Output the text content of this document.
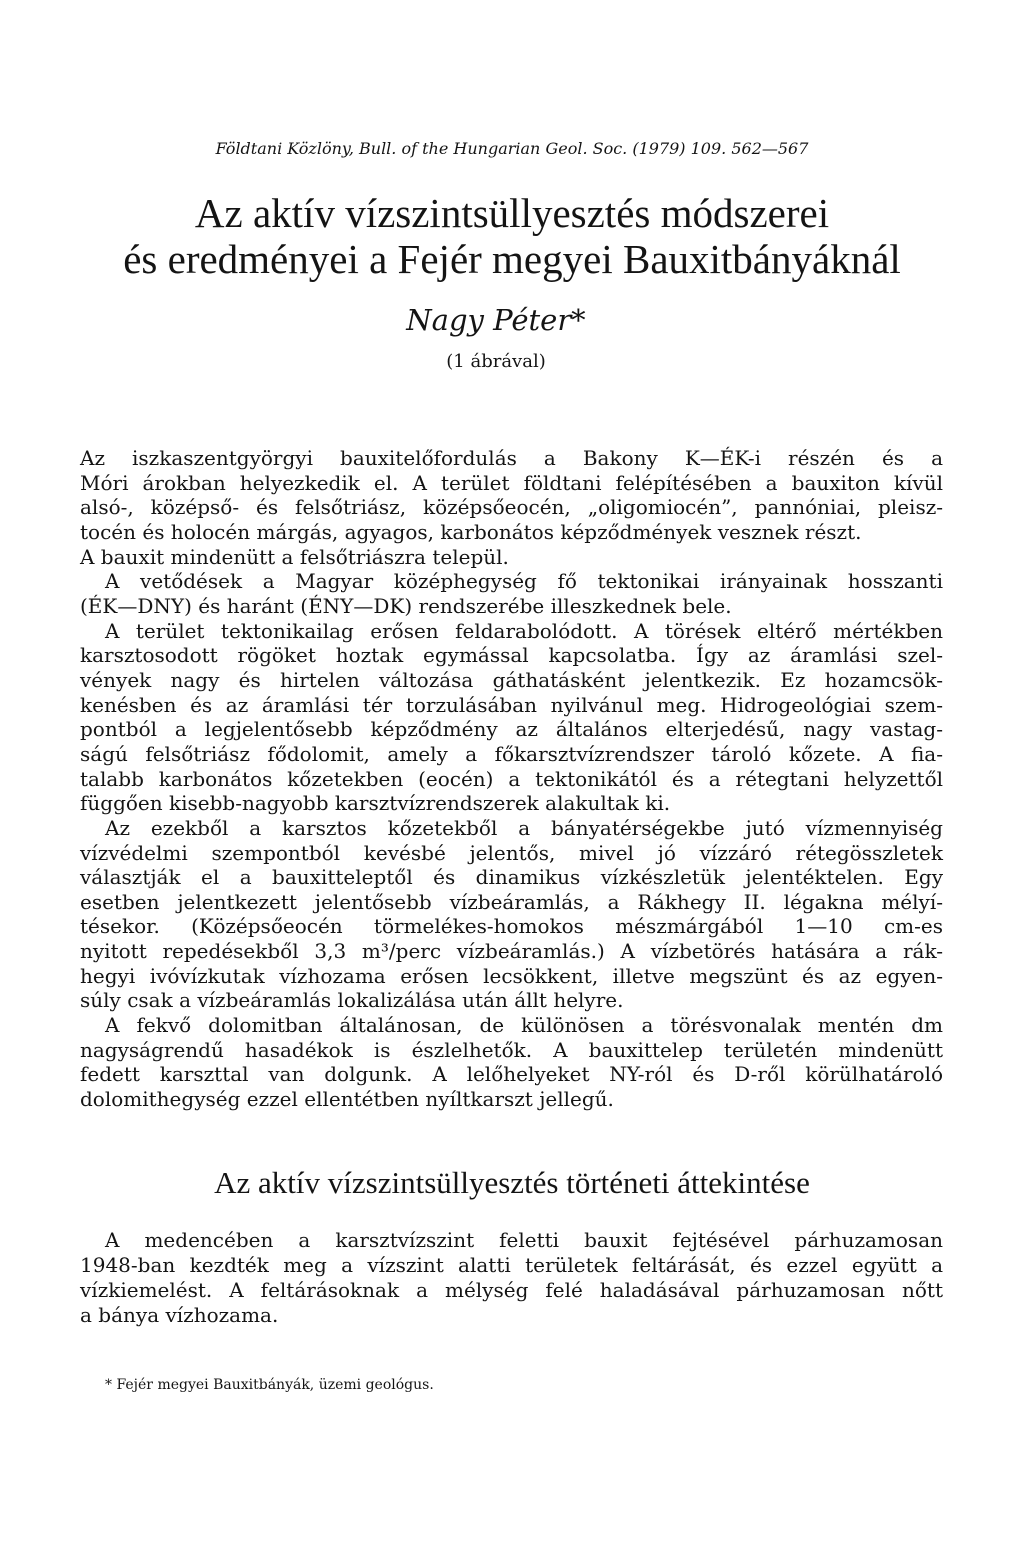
Földtani Közlöny, Bull. of the Hungarian Geol. Soc. (1979) 109. 562—567
Az aktív vízszintsüllyesztés módszerei
és eredményei a Fejér megyei Bauxitbányáknál
Nagy Péter*
(1 ábrával)
Az iszkaszentgyörgyi bauxitelőfordulás a Bakony K—ÉK-i részén és a
Móri árokban helyezkedik el. A terület földtani felépítésében a bauxiton kívül
alsó-, középső- és felsőtriász, középsőeocén, „oligomiocén”, pannóniai, pleisz-
tocén és holocén márgás, agyagos, karbonátos képződmények vesznek részt.
A bauxit mindenütt a felsőtriászra települ.
A vetődések a Magyar középhegység fő tektonikai irányainak hosszanti
(ÉK—DNY) és haránt (ÉNY—DK) rendszerébe illeszkednek bele.
A terület tektonikailag erősen feldarabolódott. A törések eltérő mértékben
karsztosodott rögöket hoztak egymással kapcsolatba. Így az áramlási szel-
vények nagy és hirtelen változása gáthatásként jelentkezik. Ez hozamcsök-
kenésben és az áramlási tér torzulásában nyilvánul meg. Hidrogeológiai szem-
pontból a legjelentősebb képződmény az általános elterjedésű, nagy vastag-
ságú felsőtriász fődolomit, amely a főkarsztvízrendszer tároló kőzete. A fia-
talabb karbonátos kőzetekben (eocén) a tektonikától és a rétegtani helyzettől
függően kisebb-nagyobb karsztvízrendszerek alakultak ki.
Az ezekből a karsztos kőzetekből a bányatérségekbe jutó vízmennyiség
vízvédelmi szempontból kevésbé jelentős, mivel jó vízzáró rétegösszletek
választják el a bauxitteleptől és dinamikus vízkészletük jelentéktelen. Egy
esetben jelentkezett jelentősebb vízbeáramlás, a Rákhegy II. légakna mélyí-
tésekor. (Középsőeocén törmelékes-homokos mészmárgából 1—10 cm-es
nyitott repedésekből 3,3 m³/perc vízbeáramlás.) A vízbetörés hatására a rák-
hegyi ivóvízkutak vízhozama erősen lecsökkent, illetve megszünt és az egyen-
súly csak a vízbeáramlás lokalizálása után állt helyre.
A fekvő dolomitban általánosan, de különösen a törésvonalak mentén dm
nagyságrendű hasadékok is észlelhetők. A bauxittelep területén mindenütt
fedett karszttal van dolgunk. A lelőhelyeket NY-ról és D-ről körülhatároló
dolomithegység ezzel ellentétben nyíltkarszt jellegű.
Az aktív vízszintsüllyesztés történeti áttekintése
A medencében a karsztvízszint feletti bauxit fejtésével párhuzamosan
1948-ban kezdték meg a vízszint alatti területek feltárását, és ezzel együtt a
vízkiemelést. A feltárásoknak a mélység felé haladásával párhuzamosan nőtt
a bánya vízhozama.
* Fejér megyei Bauxitbányák, üzemi geológus.
